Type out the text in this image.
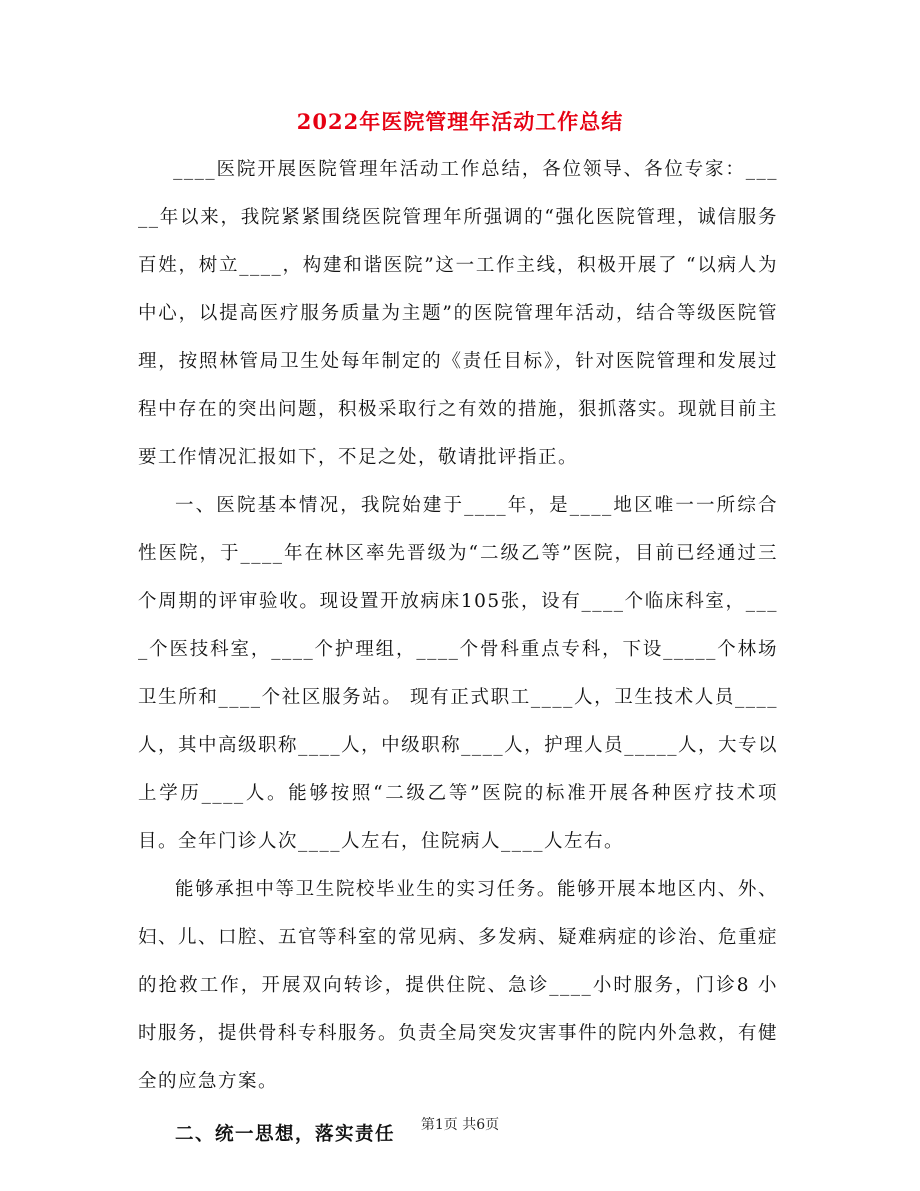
2022年医院管理年活动工作总结

____医院开展医院管理年活动工作总结，各位领导、各位专家：_____年以来，我院紧紧围绕医院管理年所强调的“强化医院管理，诚信服务百姓，树立____，构建和谐医院”这一工作主线，积极开展了 “以病人为中心，以提高医疗服务质量为主题”的医院管理年活动，结合等级医院管理，按照林管局卫生处每年制定的《责任目标》，针对医院管理和发展过程中存在的突出问题，积极采取行之有效的措施，狠抓落实。现就目前主要工作情况汇报如下，不足之处，敬请批评指正。

一、医院基本情况，我院始建于____年，是____地区唯一一所综合性医院，于____年在林区率先晋级为“二级乙等”医院，目前已经通过三个周期的评审验收。现设置开放病床105张，设有____个临床科室，____个医技科室，____个护理组，____个骨科重点专科，下设_____个林场卫生所和____个社区服务站。 现有正式职工____人，卫生技术人员____人，其中高级职称____人，中级职称____人，护理人员_____人，大专以上学历____人。能够按照“二级乙等”医院的标准开展各种医疗技术项目。全年门诊人次____人左右，住院病人____人左右。

能够承担中等卫生院校毕业生的实习任务。能够开展本地区内、外、妇、儿、口腔、五官等科室的常见病、多发病、疑难病症的诊治、危重症的抢救工作，开展双向转诊，提供住院、急诊____小时服务，门诊8 小时服务，提供骨科专科服务。负责全局突发灾害事件的院内外急救，有健全的应急方案。

二、统一思想，落实责任	第1页 共6页
